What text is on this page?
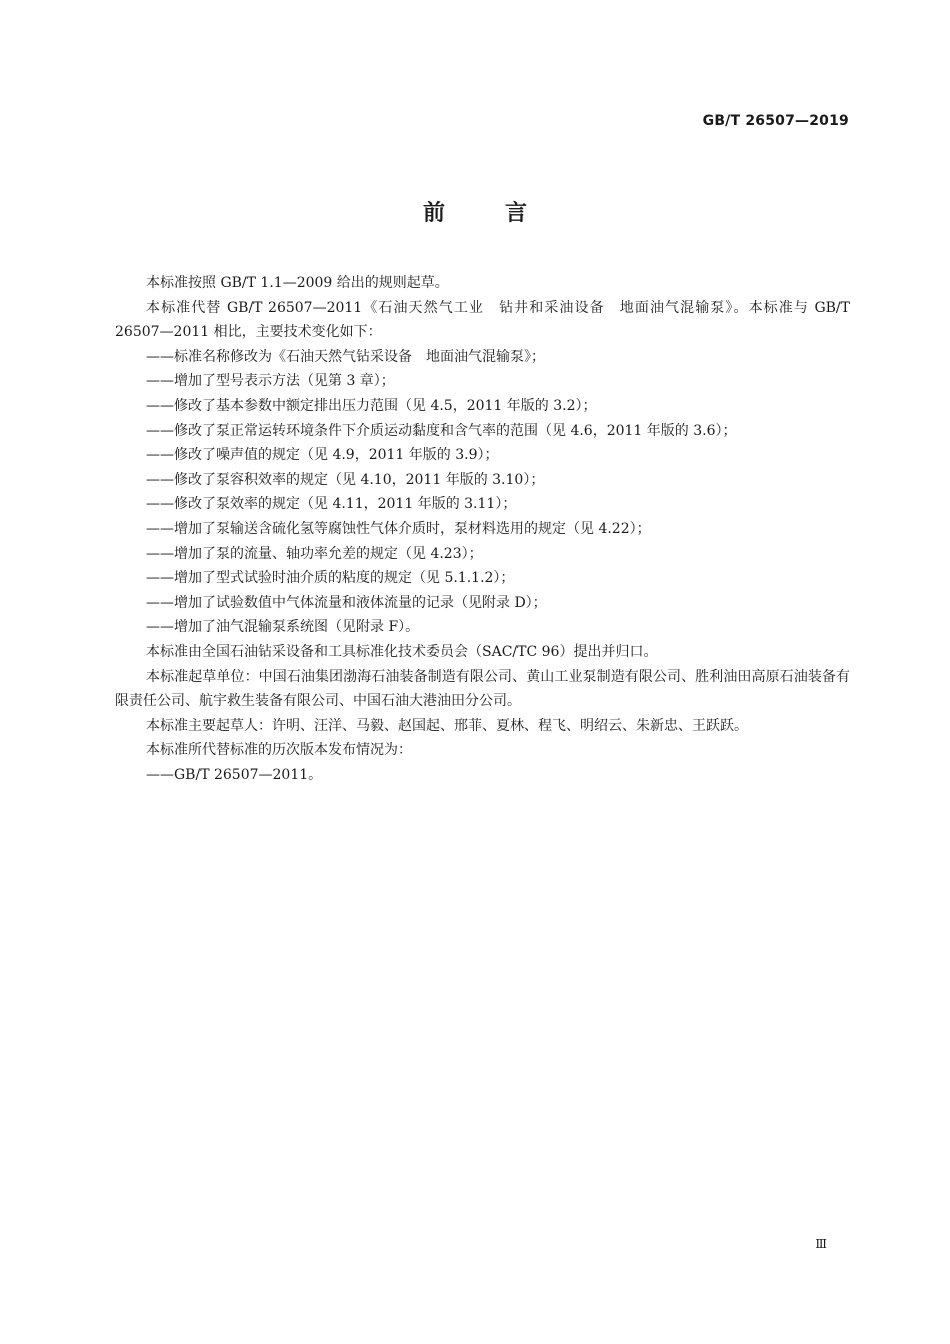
GB/T 26507—2019
前言

本标准按照 GB/T 1.1—2009 给出的规则起草。

本标准代替 GB/T 26507—2011《石油天然气工业　钻井和采油设备　地面油气混输泵》。本标准与 GB/T 26507—2011 相比，主要技术变化如下：

——标准名称修改为《石油天然气钻采设备　地面油气混输泵》；

——增加了型号表示方法（见第 3 章）；

——修改了基本参数中额定排出压力范围（见 4.5，2011 年版的 3.2）；

——修改了泵正常运转环境条件下介质运动黏度和含气率的范围（见 4.6，2011 年版的 3.6）；

——修改了噪声值的规定（见 4.9，2011 年版的 3.9）；

——修改了泵容积效率的规定（见 4.10，2011 年版的 3.10）；

——修改了泵效率的规定（见 4.11，2011 年版的 3.11）；

——增加了泵输送含硫化氢等腐蚀性气体介质时，泵材料选用的规定（见 4.22）；

——增加了泵的流量、轴功率允差的规定（见 4.23）；

——增加了型式试验时油介质的粘度的规定（见 5.1.1.2）；

——增加了试验数值中气体流量和液体流量的记录（见附录 D）；

——增加了油气混输泵系统图（见附录 F）。

本标准由全国石油钻采设备和工具标准化技术委员会（SAC/TC 96）提出并归口。

本标准起草单位：中国石油集团渤海石油装备制造有限公司、黄山工业泵制造有限公司、胜利油田高原石油装备有限责任公司、航宇救生装备有限公司、中国石油大港油田分公司。

本标准主要起草人：许明、汪洋、马毅、赵国起、邢菲、夏林、程飞、明绍云、朱新忠、王跃跃。

本标准所代替标准的历次版本发布情况为：

——GB/T 26507—2011。

Ⅲ
